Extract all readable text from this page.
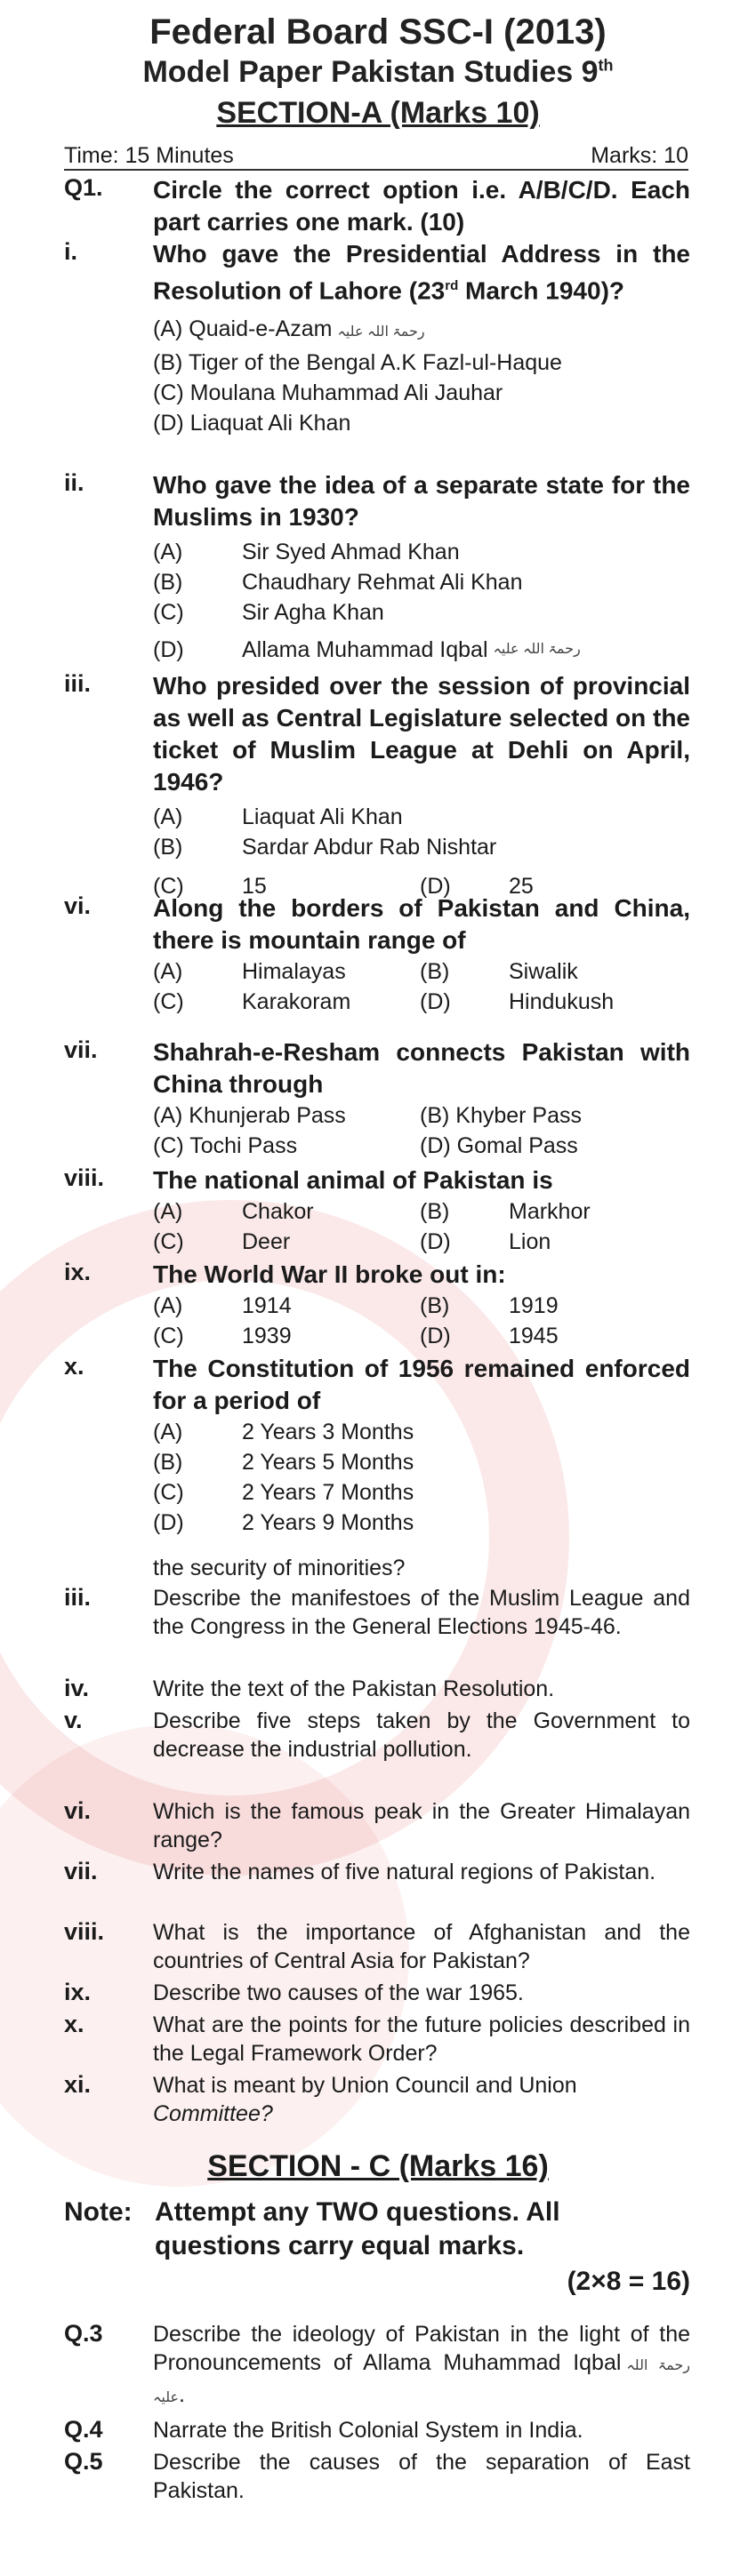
Federal Board SSC-I (2013)
Model Paper Pakistan Studies 9th
SECTION-A (Marks 10)
Time: 15 Minutes	Marks: 10
Q1.	Circle the correct option i.e. A/B/C/D. Each part carries one mark. (10)
i.	Who gave the Presidential Address in the Resolution of Lahore (23rd March 1940)?
(A) Quaid-e-Azam رحمۃ اللہ علیہ
(B) Tiger of the Bengal A.K Fazl-ul-Haque
(C) Moulana Muhammad Ali Jauhar
(D) Liaquat Ali Khan
ii.	Who gave the idea of a separate state for the Muslims in 1930?
(A)	Sir Syed Ahmad Khan
(B)	Chaudhary Rehmat Ali Khan
(C)	Sir Agha Khan
(D)	Allama Muhammad Iqbal رحمۃ اللہ علیہ
iii.	Who presided over the session of provincial as well as Central Legislature selected on the ticket of Muslim League at Dehli on April, 1946?
(A)	Liaquat Ali Khan
(B)	Sardar Abdur Rab Nishtar
(C)	15	(D)	25
vi.	Along the borders of Pakistan and China, there is mountain range of
(A)	Himalayas	(B)	Siwalik
(C)	Karakoram	(D)	Hindukush
vii.	Shahrah-e-Resham connects Pakistan with China through
(A) Khunjerab Pass	(B) Khyber Pass
(C) Tochi Pass	(D) Gomal Pass
viii.	The national animal of Pakistan is
(A)	Chakor	(B)	Markhor
(C)	Deer	(D)	Lion
ix.	The World War II broke out in:
(A)	1914	(B)	1919
(C)	1939	(D)	1945
x.	The Constitution of 1956 remained enforced for a period of
(A)	2 Years 3 Months
(B)	2 Years 5 Months
(C)	2 Years 7 Months
(D)	2 Years 9 Months
the security of minorities?
iii.	Describe the manifestoes of the Muslim League and the Congress in the General Elections 1945-46.
iv.	Write the text of the Pakistan Resolution.
v.	Describe five steps taken by the Government to decrease the industrial pollution.
vi.	Which is the famous peak in the Greater Himalayan range?
vii.	Write the names of five natural regions of Pakistan.
viii.	What is the importance of Afghanistan and the countries of Central Asia for Pakistan?
ix.	Describe two causes of the war 1965.
x.	What are the points for the future policies described in the Legal Framework Order?
xi.	What is meant by Union Council and Union
Committee?
SECTION - C (Marks 16)
Note: Attempt any TWO questions. All questions carry equal marks.
(2×8 = 16)
Q.3	Describe the ideology of Pakistan in the light of the Pronouncements of Allama Muhammad Iqbal رحمۃ اللہ علیہ.
Q.4	Narrate the British Colonial System in India.
Q.5	Describe the causes of the separation of East Pakistan.
